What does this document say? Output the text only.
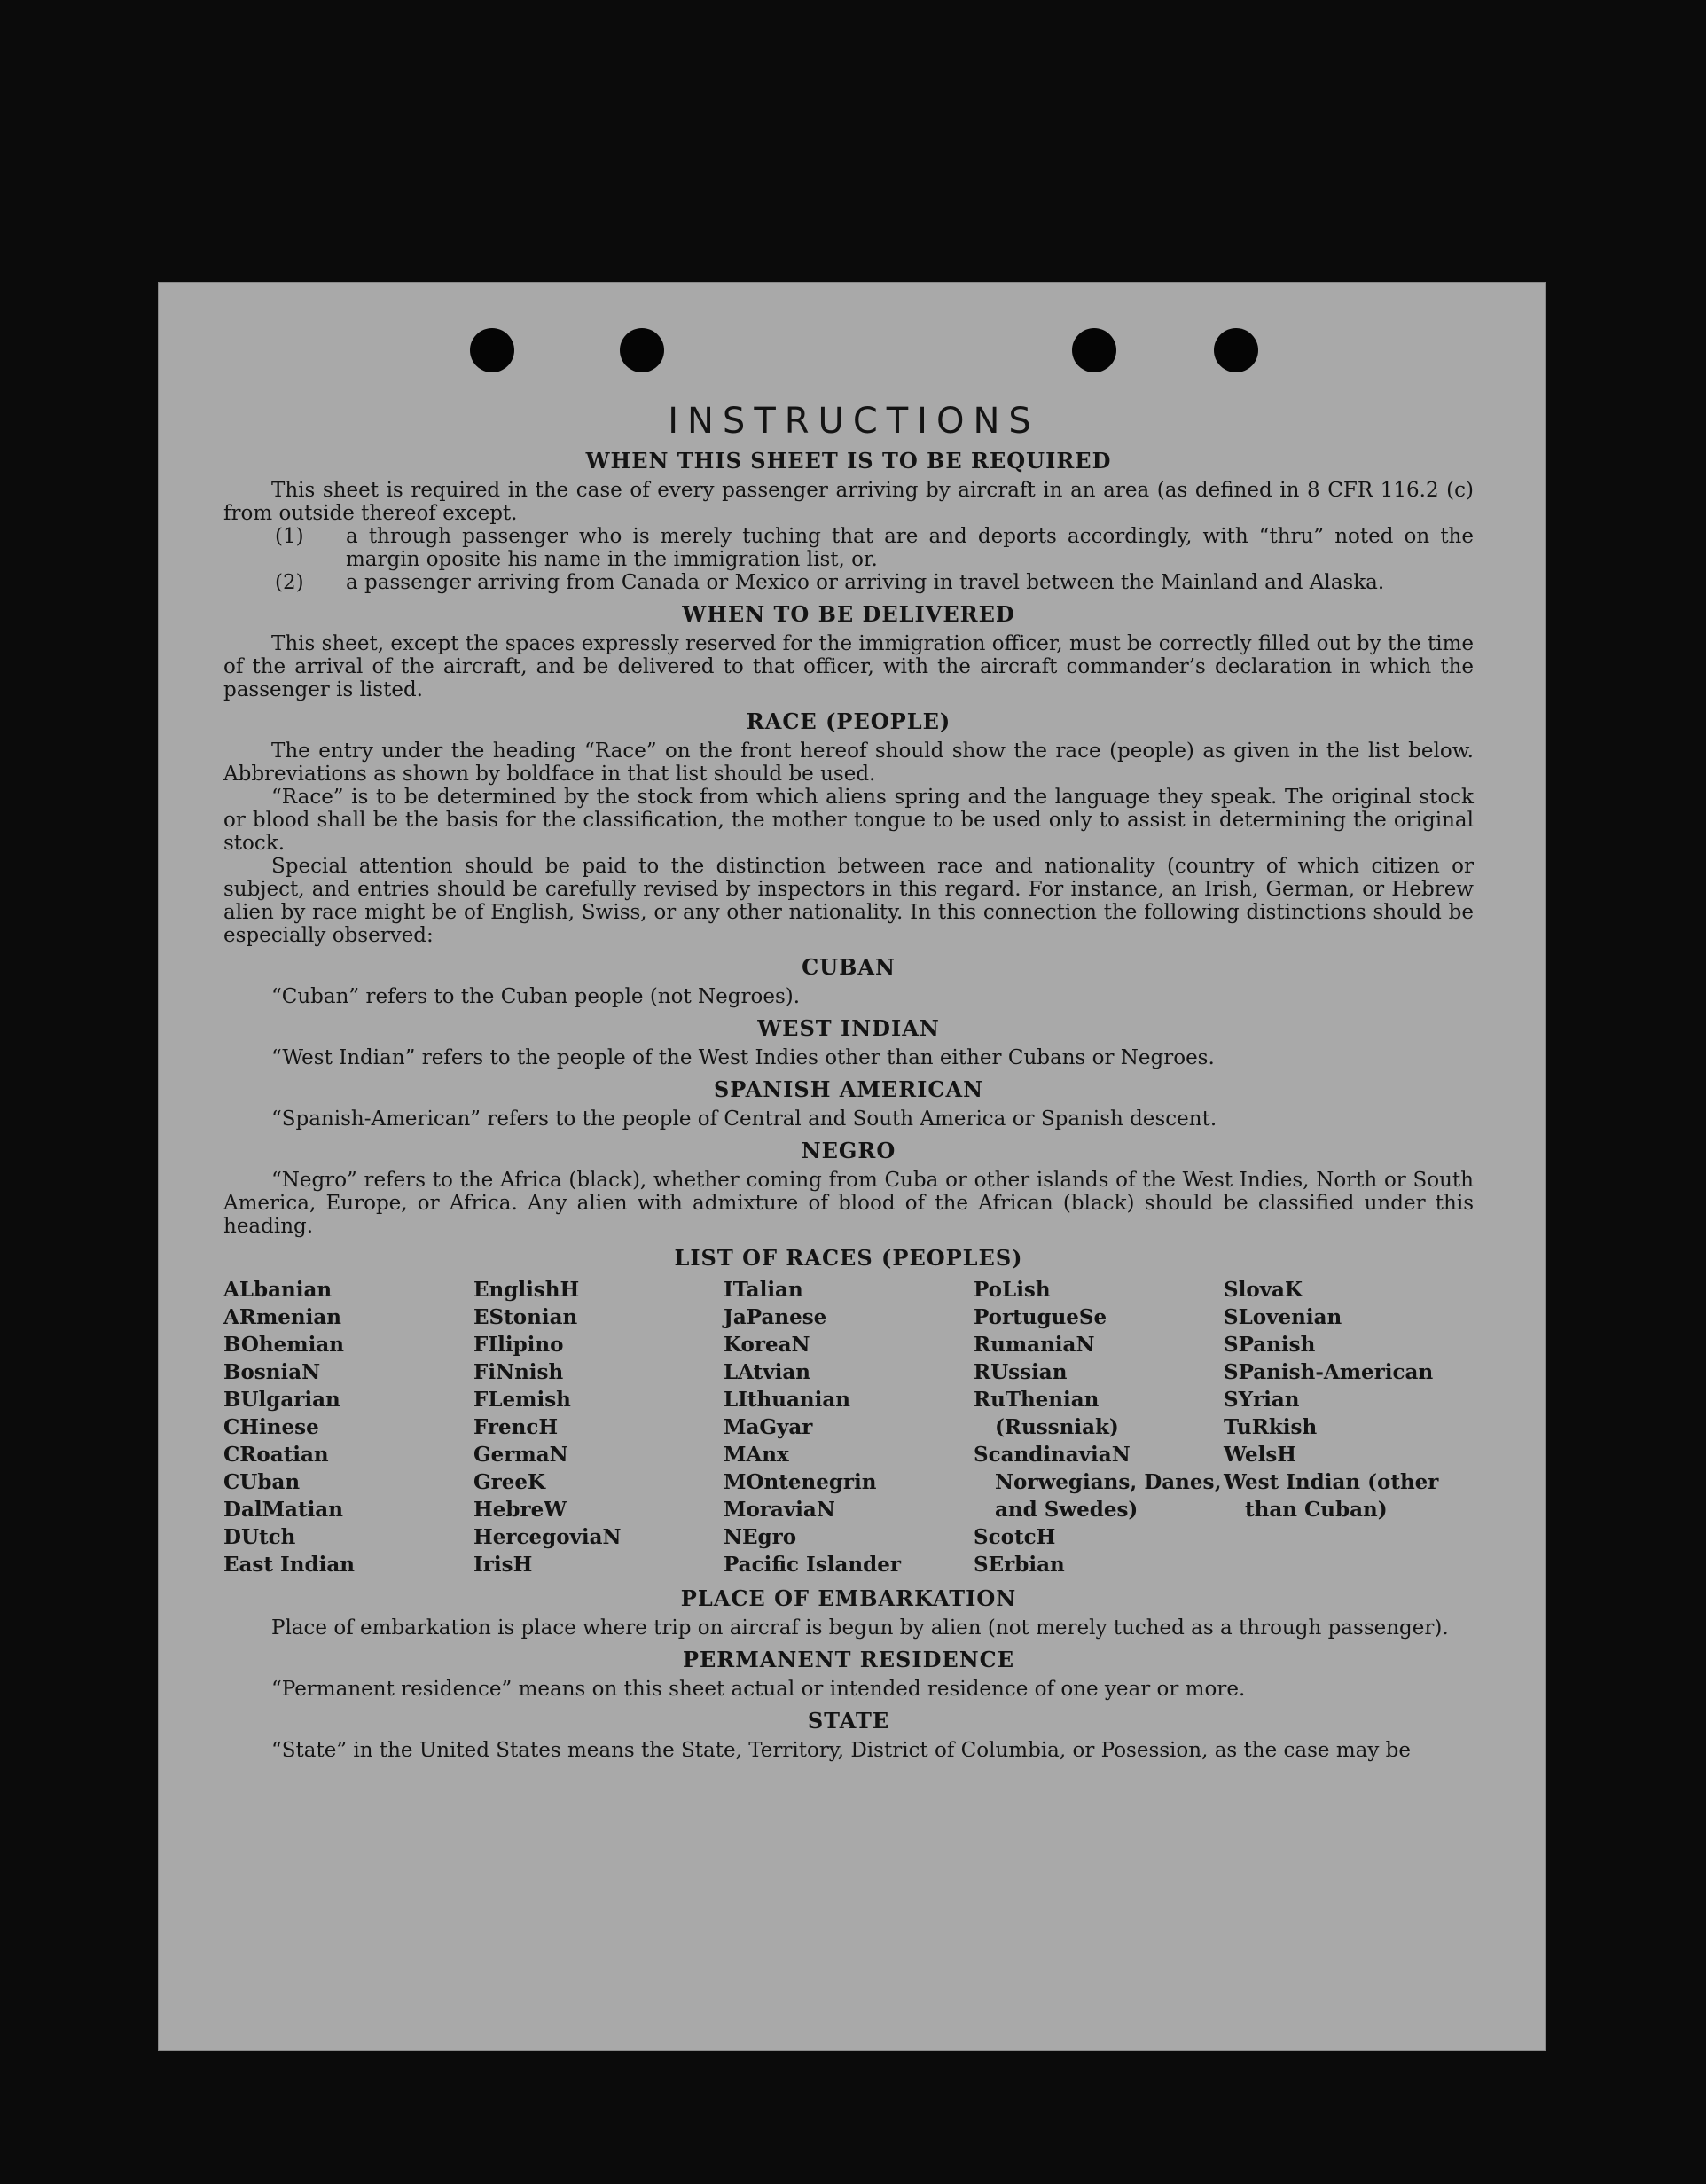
INSTRUCTIONS
WHEN THIS SHEET IS TO BE REQUIRED

This sheet is required in the case of every passenger arriving by aircraft in an area (as defined in 8 CFR 116.2 (c) from outside thereof except.

(1)	a through passenger who is merely tuching that are and deports accordingly, with “thru” noted on the margin oposite his name in the immigration list, or.
(2)	a passenger arriving from Canada or Mexico or arriving in travel between the Mainland and Alaska.
WHEN TO BE DELIVERED

This sheet, except the spaces expressly reserved for the immigration officer, must be correctly filled out by the time of the arrival of the aircraft, and be delivered to that officer, with the aircraft commander’s declaration in which the passenger is listed.

RACE (PEOPLE)

The entry under the heading “Race” on the front hereof should show the race (people) as given in the list below. Abbreviations as shown by boldface in that list should be used.

“Race” is to be determined by the stock from which aliens spring and the language they speak. The original stock or blood shall be the basis for the classification, the mother tongue to be used only to assist in determining the original stock.

Special attention should be paid to the distinction between race and nationality (country of which citizen or subject, and entries should be carefully revised by inspectors in this regard. For instance, an Irish, German, or Hebrew alien by race might be of English, Swiss, or any other nationality. In this connection the following distinctions should be especially observed:

CUBAN

“Cuban” refers to the Cuban people (not Negroes).

WEST INDIAN

“West Indian” refers to the people of the West Indies other than either Cubans or Negroes.

SPANISH AMERICAN

“Spanish-American” refers to the people of Central and South America or Spanish descent.

NEGRO

“Negro” refers to the Africa (black), whether coming from Cuba or other islands of the West Indies, North or South America, Europe, or Africa. Any alien with admixture of blood of the African (black) should be classified under this heading.

LIST OF RACES (PEOPLES)
ALbanian
ARmenian
BOhemian
BosniaN
BUlgarian
CHinese
CRoatian
CUban
DalMatian
DUtch
East Indian
EnglishH
EStonian
FIlipino
FiNnish
FLemish
FrencH
GermaN
GreeK
HebreW
HercegoviaN
IrisH
ITalian
JaPanese
KoreaN
LAtvian
LIthuanian
MaGyar
MAnx
MOntenegrin
MoraviaN
NEgro
Pacific Islander
PoLish
PortugueSe
RumaniaN
RUssian
RuThenian (Russniak)
ScandinaviaN Norwegians, Danes, and Swedes)
ScotcH
SErbian
SlovaK
SLovenian
SPanish
SPanish-American
SYrian
TuRkish
WelsH
West Indian (other than Cuban)
PLACE OF EMBARKATION

Place of embarkation is place where trip on aircraf is begun by alien (not merely tuched as a through passenger).

PERMANENT RESIDENCE

“Permanent residence” means on this sheet actual or intended residence of one year or more.

STATE

“State” in the United States means the State, Territory, District of Columbia, or Posession, as the case may be
